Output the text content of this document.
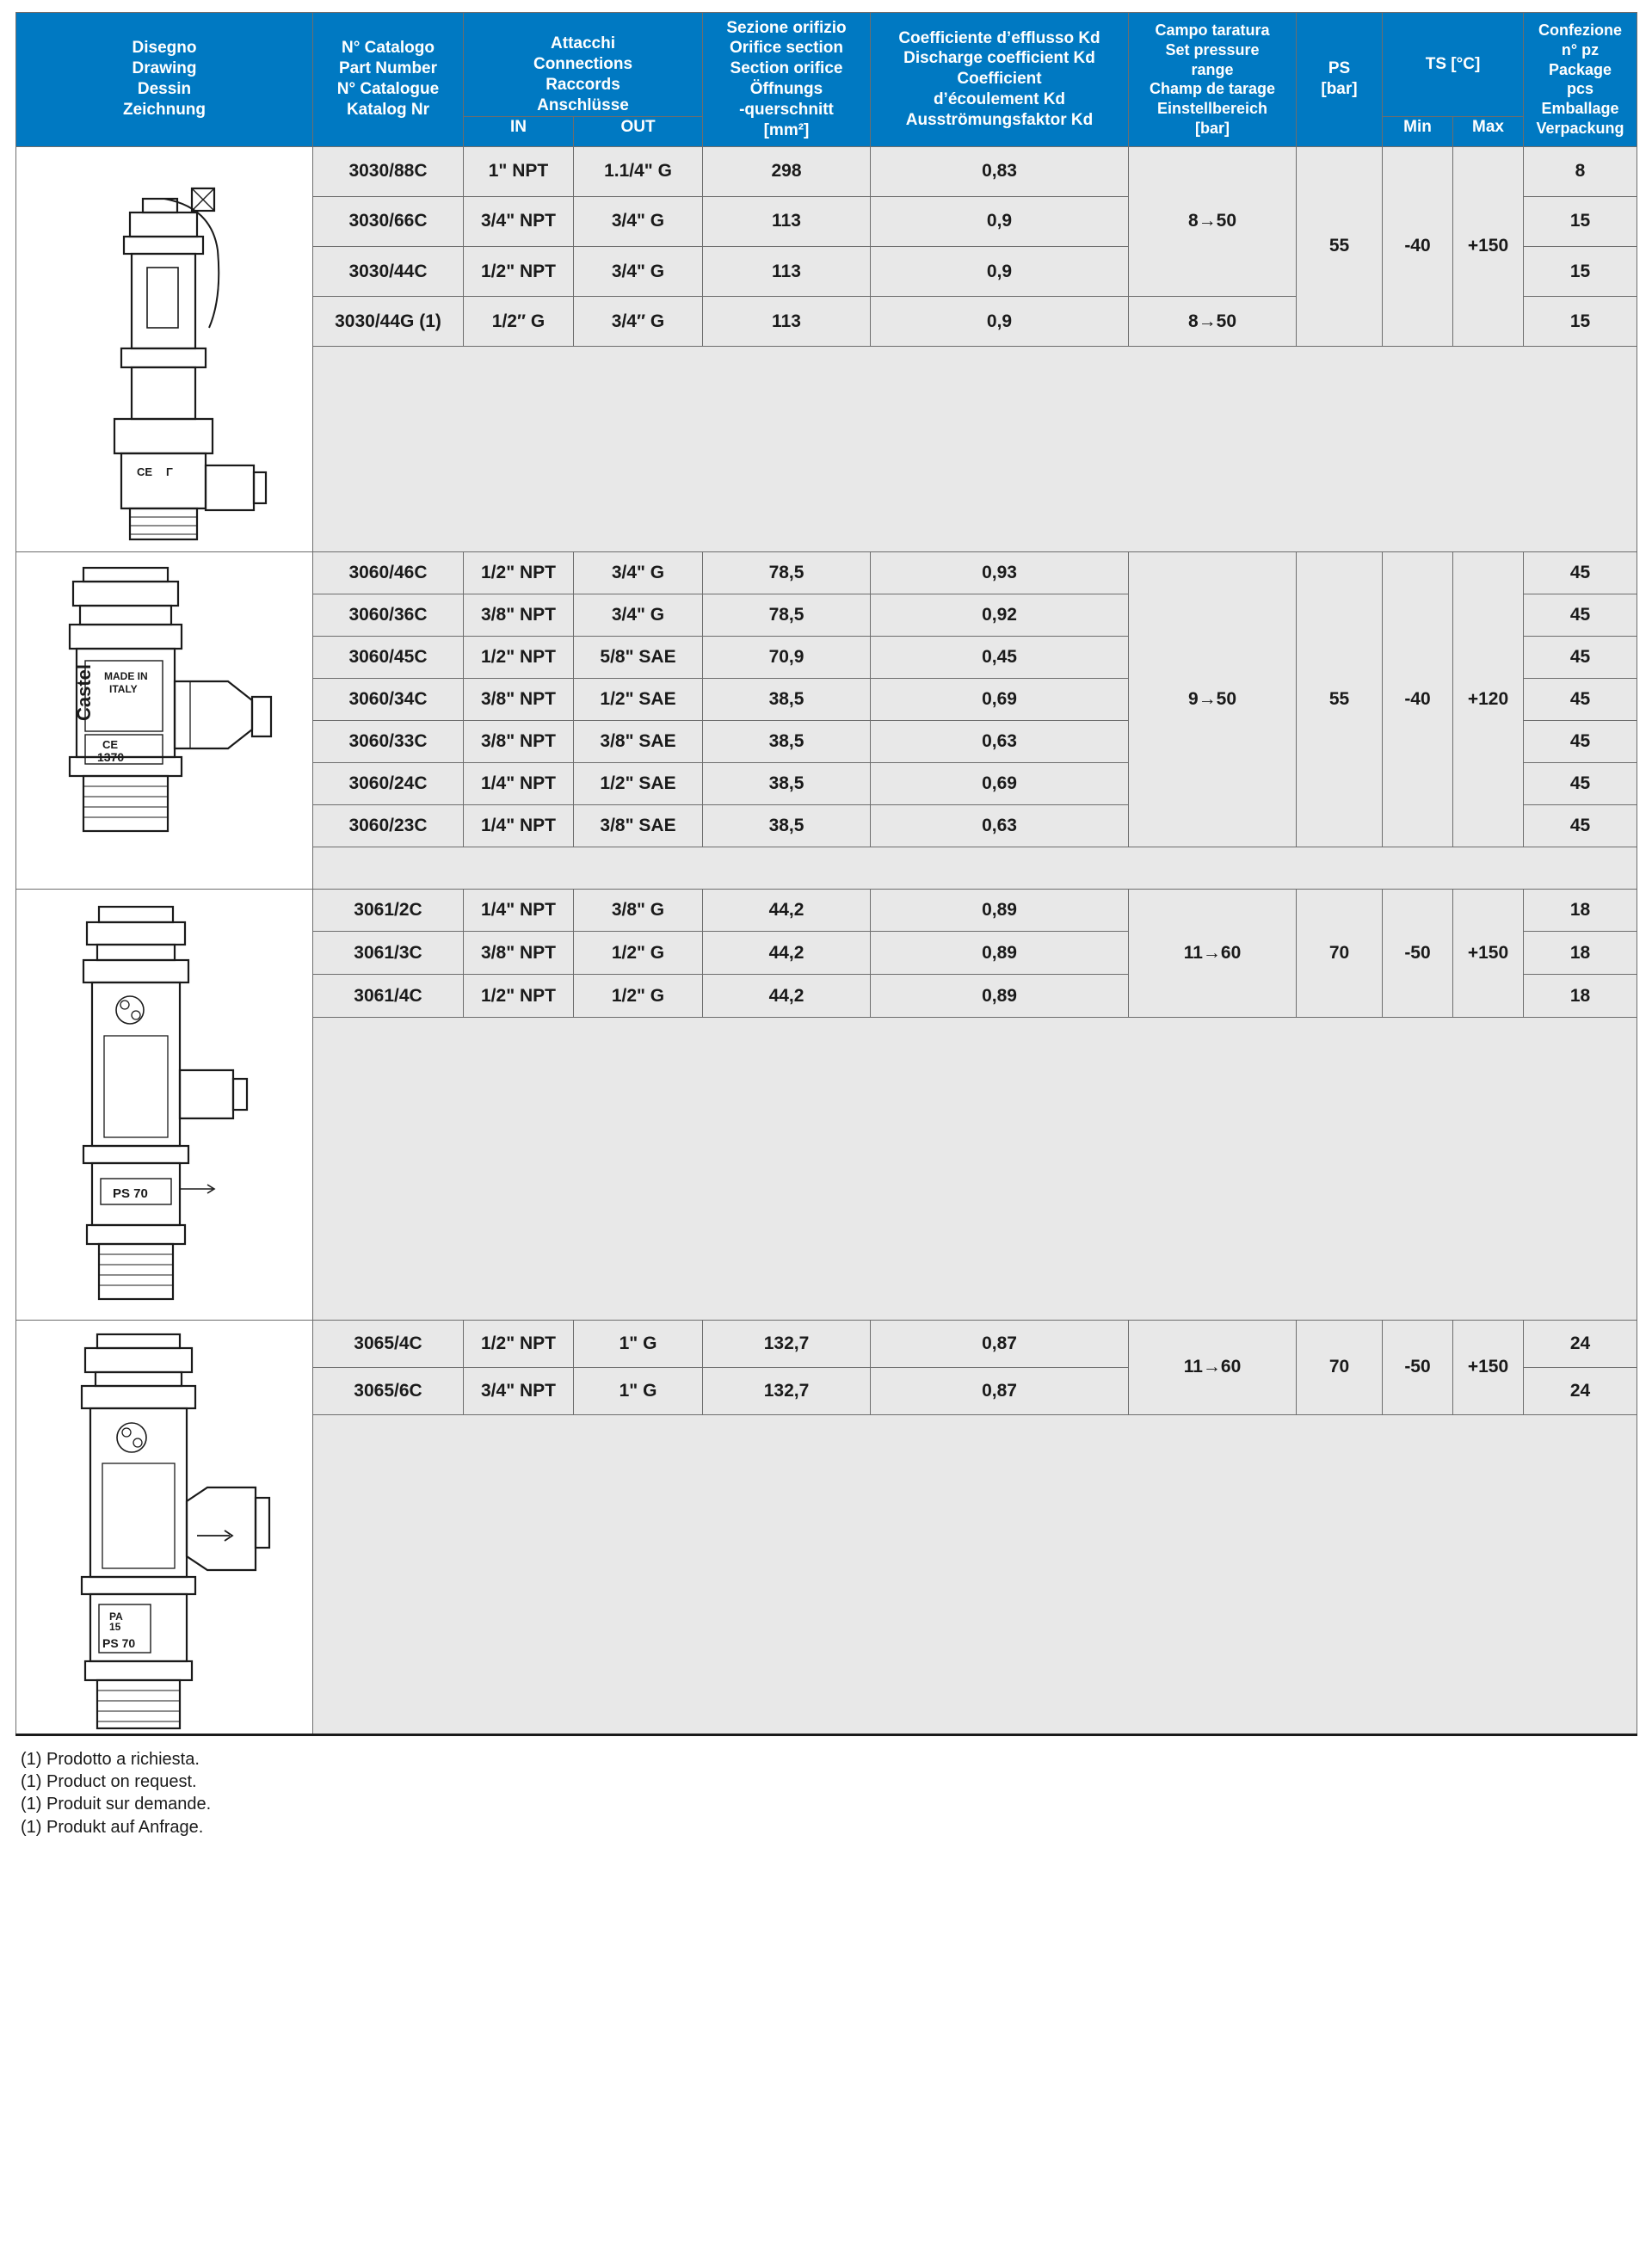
Disegno
Drawing
Dessin
Zeichnung

N° Catalogo
Part Number
N° Catalogue
Katalog Nr

Attacchi
Connections
Raccords
Anschlüsse

Sezione orifizio
Orifice section
Section orifice
Öffnungs
-querschnitt
[mm²]

Coefficiente d’efflusso Kd
Discharge coefficient Kd
Coefficient
d’écoulement Kd
Ausströmungsfaktor Kd

Campo taratura
Set pressure
range
Champ de tarage
Einstellbereich
[bar]

PS
[bar]

TS [°C]

Confezione
n° pz
Package
pcs
Emballage
Verpackung

		IN	OUT					Min	Max	

CE Γ	3030/88C	1" NPT	1.1/4" G	298	0,83	8→50	55	-40	+150	8
	3030/66C	3/4" NPT	3/4" G	113	0,9					15
	3030/44C	1/2" NPT	3/4" G	113	0,9					15
	3030/44G (1)	1/2″ G	3/4″ G	113	0,9	8→50				15

MADE IN
ITALY
Castel
CE
1370	3060/46C	1/2" NPT	3/4" G	78,5	0,93	9→50	55	-40	+120	45
	3060/36C	3/8" NPT	3/4" G	78,5	0,92					45
	3060/45C	1/2" NPT	5/8" SAE	70,9	0,45					45
	3060/34C	3/8" NPT	1/2" SAE	38,5	0,69					45
	3060/33C	3/8" NPT	3/8" SAE	38,5	0,63					45
	3060/24C	1/4" NPT	1/2" SAE	38,5	0,69					45
	3060/23C	1/4" NPT	3/8" SAE	38,5	0,63					45

PS 70	3061/2C	1/4" NPT	3/8" G	44,2	0,89	11→60	70	-50	+150	18
	3061/3C	3/8" NPT	1/2" G	44,2	0,89					18
	3061/4C	1/2" NPT	1/2" G	44,2	0,89					18

PA
15
PS 70	3065/4C	1/2" NPT	1" G	132,7	0,87	11→60	70	-50	+150	24
	3065/6C	3/4" NPT	1" G	132,7	0,87					24

(1) Prodotto a richiesta.
(1) Product on request.
(1) Produit sur demande.
(1) Produkt auf Anfrage.
